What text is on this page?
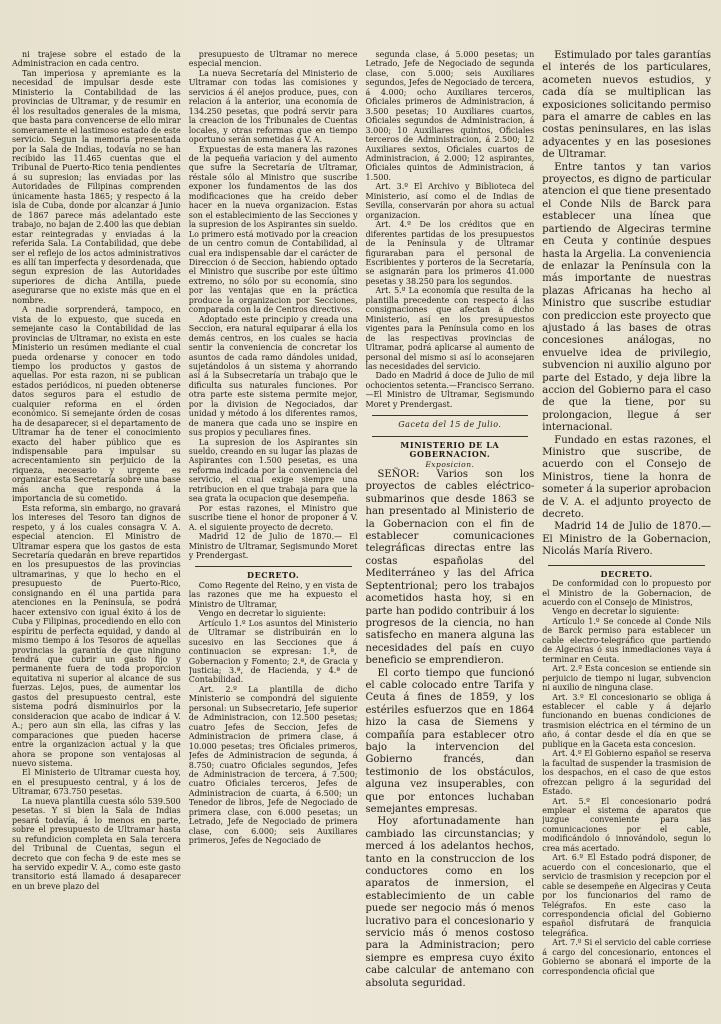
ni trajese sobre el estado de la Administracion en cada centro.

Tan imperiosa y apremiante es la necesidad de impulsar desde este Ministerio la Contabilidad de las provincias de Ultramar, y de resumir en él los resultados generales de la misma, que basta para convencerse de ello mirar someramente el lastimoso estado de este servicio. Segun la memoria presentada por la Sala de Indias, todavía no se han recibido las 11.465 cuentas que el Tribunal de Puerto-Rico tenia pendientes á su supresion; las enviadas por las Autoridades de Filipinas comprenden únicamente hasta 1865; y respecto á la isla de Cuba, donde por alcanzar á Junio de 1867 parece más adelantado este trabajo, no bajan de 2.400 las que debian estar reintegradas y enviadas á la referida Sala. La Contabilidad, que debe ser el reflejo de los actos administrativos es allí tan imperfecta y desordenada, que segun expresion de las Autoridades superiores de dicha Antilla, puede asegurarse que no existe más que en el nombre.

A nadie sorprenderá, tampoco, en vista de lo expuesto, que suceda en semejante caso la Contabilidad de las provincias de Ultramar, no exista en este Ministerio un resúmen mediante el cual pueda ordenarse y conocer en todo tiempo los productos y gastos de aquellas. Por esta razon, ni se publican estados periódicos, ni pueden obtenerse datos seguros para el estudio de cualquier reforma en el órden económico. Si semejante órden de cosas ha de desaparecer, si el departamento de Ultramar ha de tener el conocimiento exacto del haber público que es indispensable para impulsar su acrecentamiento sin perjuicio de la riqueza, necesario y urgente es organizar esta Secretaría sobre una base más ancha que responda á la importancia de su cometido.

Esta reforma, sin embargo, no gravará los intereses del Tesoro tan dignos de respeto, y á los cuales consagra V. A. especial atencion. El Ministro de Ultramar espera que los gastos de esta Secretaría quedarán en breve repartidos en los presupuestos de las provincias ultramarinas, y que lo hecho en el presupuesto de Puerto-Rico, consignando en él una partida para atenciones en la Península, se podrá hacer extensivo con igual éxito á los de Cuba y Filipinas, procediendo en ello con espíritu de perfecta equidad, y dando al mismo tiempo á los Tesoros de aquellas provincias la garantía de que ninguno tendrá que cubrir un gasto fijo y permanente fuera de toda proporcion equitativa ni superior al alcance de sus fuerzas. Lejos, pues, de aumentar los gastos del presupuesto central, este sistema podrá disminuirlos por la consideracion que acabo de indicar á V. A.; pero aun sin ella, las cifras y las comparaciones que pueden hacerse entre la organizacion actual y la que ahora se propone son ventajosas al nuevo sistema.

El Ministerio de Ultramar cuesta hoy, en el presupuesto central, y á los de Ultramar, 673.750 pesetas.

La nueva plantilla cuesta sólo 539.500 pesetas. Y si bien la Sala de Indias pesará todavía, á lo menos en parte, sobre el presupuesto de Ultramar hasta su refundicion completa en Sala tercera del Tribunal de Cuentas, segun el decreto que con fecha 9 de este mes se ha servido expedir V. A., como este gasto transitorio está llamado á desaparecer en un breve plazo del

presupuesto de Ultramar no merece especial mencion.

La nueva Secretaría del Ministerio de Ultramar con todas las comisiones y servicios á él anejos produce, pues, con relacion á la anterior, una economía de 134.250 pesetas, que podrá servir para la creacion de los Tribunales de Cuentas locales, y otras reformas que en tiempo oportuno serán sometidas á V. A.

Expuestas de esta manera las razones de la pequeña variacion y del aumento que sufre la Secretaría de Ultramar, réstale sólo al Ministro que suscribe exponer los fundamentos de las dos modificaciones que ha creido deber hacer en la nueva organizacion. Estas son el establecimiento de las Secciones y la supresion de los Aspirantes sin sueldo. Lo primero está motivado por la creacion de un centro comun de Contabilidad, al cual era indispensable dar el carácter de Direccion ó de Seccion, habiendo optado el Ministro que suscribe por este último extremo, no sólo por su economía, sino por las ventajas que en la práctica produce la organizacion por Secciones, comparada con la de Centros directivos.

Adoptado este principio y creada una Seccion, era natural equiparar á ella los demás centros, en los cuales se hacia sentir la conveniencia de concretar los asuntos de cada ramo dándoles unidad, sujetándolos á un sistema y ahorrando así á la Subsecretaría un trabajo que le dificulta sus naturales funciones. Por otra parte este sistema permite mejor, por la division de Negociados, dar unidad y método á los diferentes ramos, de manera que cada uno se inspire en sus propios y peculiares fines.

La supresion de los Aspirantes sin sueldo, creando en su lugar las plazas de Aspirantes con 1.500 pesetas, es una reforma indicada por la conveniencia del servicio, el cual exige siempre una retribucion en el que trabaja para que la sea grata la ocupacion que desempeña.

Por estas razones, el Ministro que suscribe tiene el honor de proponer á V. A. el siguiente proyecto de decreto.

Madrid 12 de Julio de 1870.— El Ministro de Ultramar, Segismundo Moret y Prendergast.

DECRETO.

Como Regente del Reino, y en vista de las razones que me ha expuesto el Ministro de Ultramar,

Vengo en decretar lo siguiente:

Artículo 1.º Los asuntos del Ministerio de Ultramar se distribuirán en lo sucesivo en las Secciones que á continuacion se expresan: 1.ª, de Gobernacion y Fomento; 2.ª, de Gracia y Justicia; 3.ª, de Hacienda, y 4.ª de Contabilidad.

Art. 2.º La plantilla de dicho Ministerio se compondrá del siguiente personal: un Subsecretario, Jefe superior de Administracion, con 12.500 pesetas; cuatro Jefes de Seccion, Jefes de Administracion de primera clase, á 10.000 pesetas; tres Oficiales primeros, Jefes de Administracion de segunda, á 8.750; cuatro Oficiales segundos, Jefes de Administracion de tercera, á 7.500; cuatro Oficiales terceros, Jefes de Administracion de cuarta, á 6.500; un Tenedor de libros, Jefe de Negociado de primera clase, con 6.000 pesetas; un Letrado, Jefe de Negociado de primera clase, con 6.000; seis Auxiliares primeros, Jefes de Negociado de

segunda clase, á 5.000 pesetas; un Letrado, Jefe de Negociado de segunda clase, con 5.000; seis Auxiliares segundos, Jefes de Negociado de tercera, á 4.000; ocho Auxiliares terceros, Oficiales primeros de Administracion, á 3.500 pesetas; 10 Auxiliares cuartos, Oficiales segundos de Administracion, á 3.000; 10 Auxiliares quintos, Oficiales terceros de Administracion, á 2.500; 12 Auxiliares sextos, Oficiales cuartos de Administracion, á 2.000; 12 aspirantes, Oficiales quintos de Administracion, á 1.500.

Art. 3.º El Archivo y Biblioteca del Ministerio, así como el de Indias de Sevilla, conservarán por ahora su actual organizacion.

Art. 4.º De los créditos que en diferentes partidas de los presupuestos de la Península y de Ultramar figuraraban para el personal de Escribientes y porteros de la Secretaría, se asignarán para los primeros 41.000 pesetas y 38.250 para los segundos.

Art. 5.º La economía que resulta de la plantilla precedente con respecto á las consignaciones que afectan á dicho Ministerio, así en los presupuestos vigentes para la Península como en los de las respectivas provincias de Ultramar, podrá aplicarse al aumento de personal del mismo si así lo aconsejaren las necesidades del servicio.

Dado en Madrid á doce de Julio de mil ochocientos setenta.—Francisco Serrano.—El Ministro de Ultramar, Segismundo Moret y Prendergast.

Gaceta del 15 de Julio.

MINISTERIO DE LA GOBERNACION.

Exposicion.

SEÑOR: Varios son los proyectos de cables eléctrico-submarinos que desde 1863 se han presentado al Ministerio de la Gobernacion con el fin de establecer comunicaciones telegráficas directas entre las costas españolas del Mediterráneo y las del Africa Septentrional; pero los trabajos acometidos hasta hoy, si en parte han podido contribuir á los progresos de la ciencia, no han satisfecho en manera alguna las necesidades del país en cuyo beneficio se emprendieron.

El corto tiempo que funcionó el cable colocado entre Tarifa y Ceuta á fines de 1859, y los estériles esfuerzos que en 1864 hizo la casa de Siemens y compañía para establecer otro bajo la intervencion del Gobierno francés, dan testimonio de los obstáculos, alguna vez insuperables, con que por entonces luchaban semejantes empresas.

Hoy afortunadamente han cambiado las circunstancias; y merced á los adelantos hechos, tanto en la construccion de los conductores como en los aparatos de inmersion, el establecimiento de un cable puede ser negocio más ó menos lucrativo para el concesionario y servicio más ó menos costoso para la Administracion; pero siempre es empresa cuyo éxito cabe calcular de antemano con absoluta seguridad.

Estimulado por tales garantías el interés de los particulares, acometen nuevos estudios, y cada día se multiplican las exposiciones solicitando permiso para el amarre de cables en las costas peninsulares, en las islas adyacentes y en las posesiones de Ultramar.

Entre tantos y tan varios proyectos, es digno de particular atencion el que tiene presentado el Conde Nils de Barck para establecer una línea que partiendo de Algeciras termine en Ceuta y continúe despues hasta la Argelia. La conveniencia de enlazar la Península con la más importante de nuestras plazas Africanas ha hecho al Ministro que suscribe estudiar con prediccion este proyecto que ajustado á las bases de otras concesiones análogas, no envuelve idea de privilegio, subvencion ni auxilio alguno por parte del Estado, y deja libre la accion del Gobierno para el caso de que la tiene, por su prolongacion, llegue á ser internacional.

Fundado en estas razones, el Ministro que suscribe, de acuerdo con el Consejo de Ministros, tiene la honra de someter á la superior aprobacion de V. A. el adjunto proyecto de decreto.

Madrid 14 de Julio de 1870.— El Ministro de la Gobernacion, Nicolás María Rivero.

DECRETO.

De conformidad con lo propuesto por el Ministro de la Gobernacion, de acuerdo con el Consejo de Ministros,

Vengo en decretar lo siguiente:

Artículo 1.º Se concede al Conde Nils de Barck permiso para establecer un cable electro-telegráfico que partiendo de Algeciras ó sus inmediaciones vaya á terminar en Ceuta.

Art. 2.º Esta concesion se entiende sin perjuicio de tiempo ni lugar, subvencion ni auxilio de ninguna clase.

Art. 3.º El concesionario se obliga á establecer el cable y á dejarlo funcionando en buenas condiciones de trasmision eléctrica en el término de un año, á contar desde el día en que se publique en la Gaceta esta concesion.

Art. 4.º El Gobierno español se reserva la facultad de suspender la trasmision de los despachos, en el caso de que estos ofrezcan peligro á la seguridad del Estado.

Art. 5.º El concesionario podrá emplear el sistema de aparatos que juzgue conveniente para las comunicaciones por el cable, modificándolo ó innovándolo, segun lo crea más acertado.

Art. 6.º El Estado podrá disponer, de acuerdo con el concesionario, que el servicio de trasmision y recepcion por el cable se desempeñe en Algeciras y Ceuta por los funcionarios del ramo de Telégrafos. En este caso la correspondencia oficial del Gobierno español disfrutará de franquicia telegráfica.

Art. 7.º Si el servicio del cable corriese á cargo del concesionario, entonces el Gobierno se abonará el importe de la correspondencia oficial que
